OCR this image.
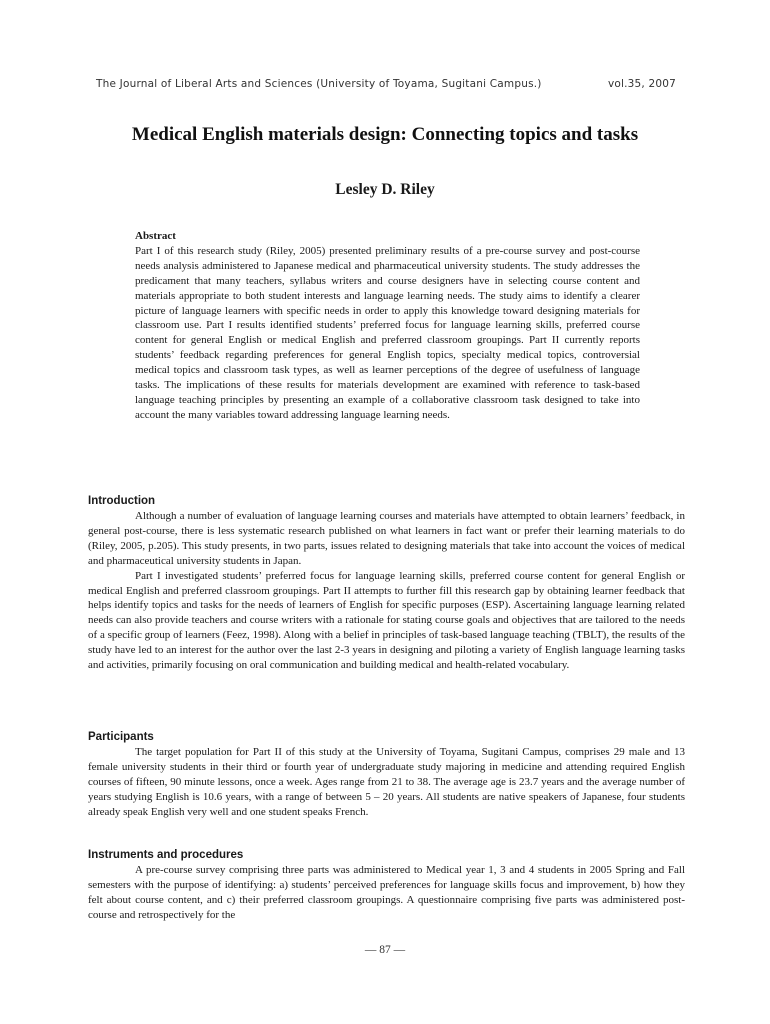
The Journal of Liberal Arts and Sciences (University of Toyama, Sugitani Campus.)	vol.35, 2007
Medical English materials design: Connecting topics and tasks
Lesley D. Riley
Abstract

Part I of this research study (Riley, 2005) presented preliminary results of a pre-course survey and post-course needs analysis administered to Japanese medical and pharmaceutical university students. The study addresses the predicament that many teachers, syllabus writers and course designers have in selecting course content and materials appropriate to both student interests and language learning needs. The study aims to identify a clearer picture of language learners with specific needs in order to apply this knowledge toward designing materials for classroom use. Part I results identified students’ preferred focus for language learning skills, preferred course content for general English or medical English and preferred classroom groupings. Part II currently reports students’ feedback regarding preferences for general English topics, specialty medical topics, controversial medical topics and classroom task types, as well as learner perceptions of the degree of usefulness of language tasks. The implications of these results for materials development are examined with reference to task-based language teaching principles by presenting an example of a collaborative classroom task designed to take into account the many variables toward addressing language learning needs.

Introduction

Although a number of evaluation of language learning courses and materials have attempted to obtain learners’ feedback, in general post-course, there is less systematic research published on what learners in fact want or prefer their learning materials to do (Riley, 2005, p.205). This study presents, in two parts, issues related to designing materials that take into account the voices of medical and pharmaceutical university students in Japan.

Part I investigated students’ preferred focus for language learning skills, preferred course content for general English or medical English and preferred classroom groupings. Part II attempts to further fill this research gap by obtaining learner feedback that helps identify topics and tasks for the needs of learners of English for specific purposes (ESP). Ascertaining language learning related needs can also provide teachers and course writers with a rationale for stating course goals and objectives that are tailored to the needs of a specific group of learners (Feez, 1998). Along with a belief in principles of task-based language teaching (TBLT), the results of the study have led to an interest for the author over the last 2-3 years in designing and piloting a variety of English language learning tasks and activities, primarily focusing on oral communication and building medical and health-related vocabulary.

Participants

The target population for Part II of this study at the University of Toyama, Sugitani Campus, comprises 29 male and 13 female university students in their third or fourth year of undergraduate study majoring in medicine and attending required English courses of fifteen, 90 minute lessons, once a week. Ages range from 21 to 38. The average age is 23.7 years and the average number of years studying English is 10.6 years, with a range of between 5 – 20 years. All students are native speakers of Japanese, four students already speak English very well and one student speaks French.

Instruments and procedures

A pre-course survey comprising three parts was administered to Medical year 1, 3 and 4 students in 2005 Spring and Fall semesters with the purpose of identifying: a) students’ perceived preferences for language skills focus and improvement, b) how they felt about course content, and c) their preferred classroom groupings. A questionnaire comprising five parts was administered post-course and retrospectively for the

— 87 —
